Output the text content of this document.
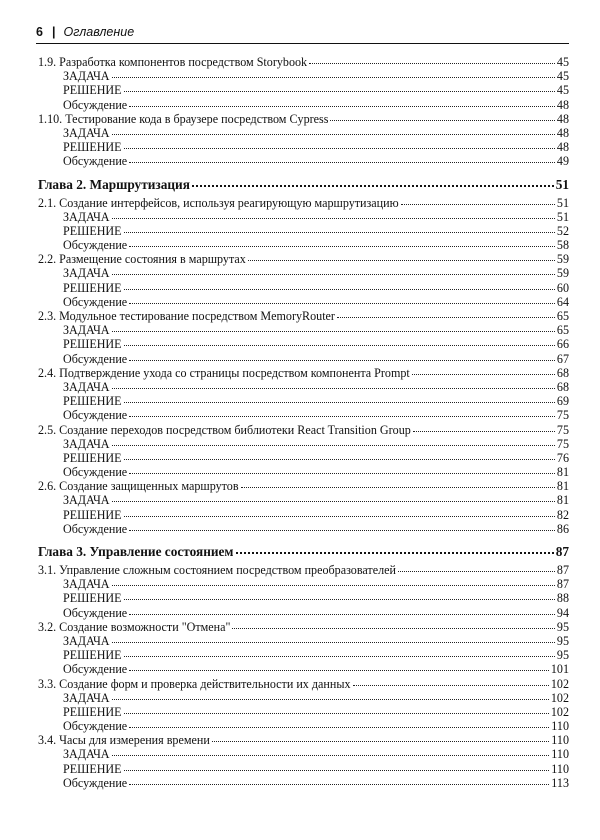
6 | Оглавление
1.9. Разработка компонентов посредством Storybook	45
ЗАДАЧА	45
РЕШЕНИЕ	45
Обсуждение	48
1.10. Тестирование кода в браузере посредством Cypress	48
ЗАДАЧА	48
РЕШЕНИЕ	48
Обсуждение	49
Глава 2. Маршрутизация	51
2.1. Создание интерфейсов, используя реагирующую маршрутизацию	51
ЗАДАЧА	51
РЕШЕНИЕ	52
Обсуждение	58
2.2. Размещение состояния в маршрутах	59
ЗАДАЧА	59
РЕШЕНИЕ	60
Обсуждение	64
2.3. Модульное тестирование посредством MemoryRouter	65
ЗАДАЧА	65
РЕШЕНИЕ	66
Обсуждение	67
2.4. Подтверждение ухода со страницы посредством компонента Prompt	68
ЗАДАЧА	68
РЕШЕНИЕ	69
Обсуждение	75
2.5. Создание переходов посредством библиотеки React Transition Group	75
ЗАДАЧА	75
РЕШЕНИЕ	76
Обсуждение	81
2.6. Создание защищенных маршрутов	81
ЗАДАЧА	81
РЕШЕНИЕ	82
Обсуждение	86
Глава 3. Управление состоянием	87
3.1. Управление сложным состоянием посредством преобразователей	87
ЗАДАЧА	87
РЕШЕНИЕ	88
Обсуждение	94
3.2. Создание возможности "Отмена"	95
ЗАДАЧА	95
РЕШЕНИЕ	95
Обсуждение	101
3.3. Создание форм и проверка действительности их данных	102
ЗАДАЧА	102
РЕШЕНИЕ	102
Обсуждение	110
3.4. Часы для измерения времени	110
ЗАДАЧА	110
РЕШЕНИЕ	110
Обсуждение	113
